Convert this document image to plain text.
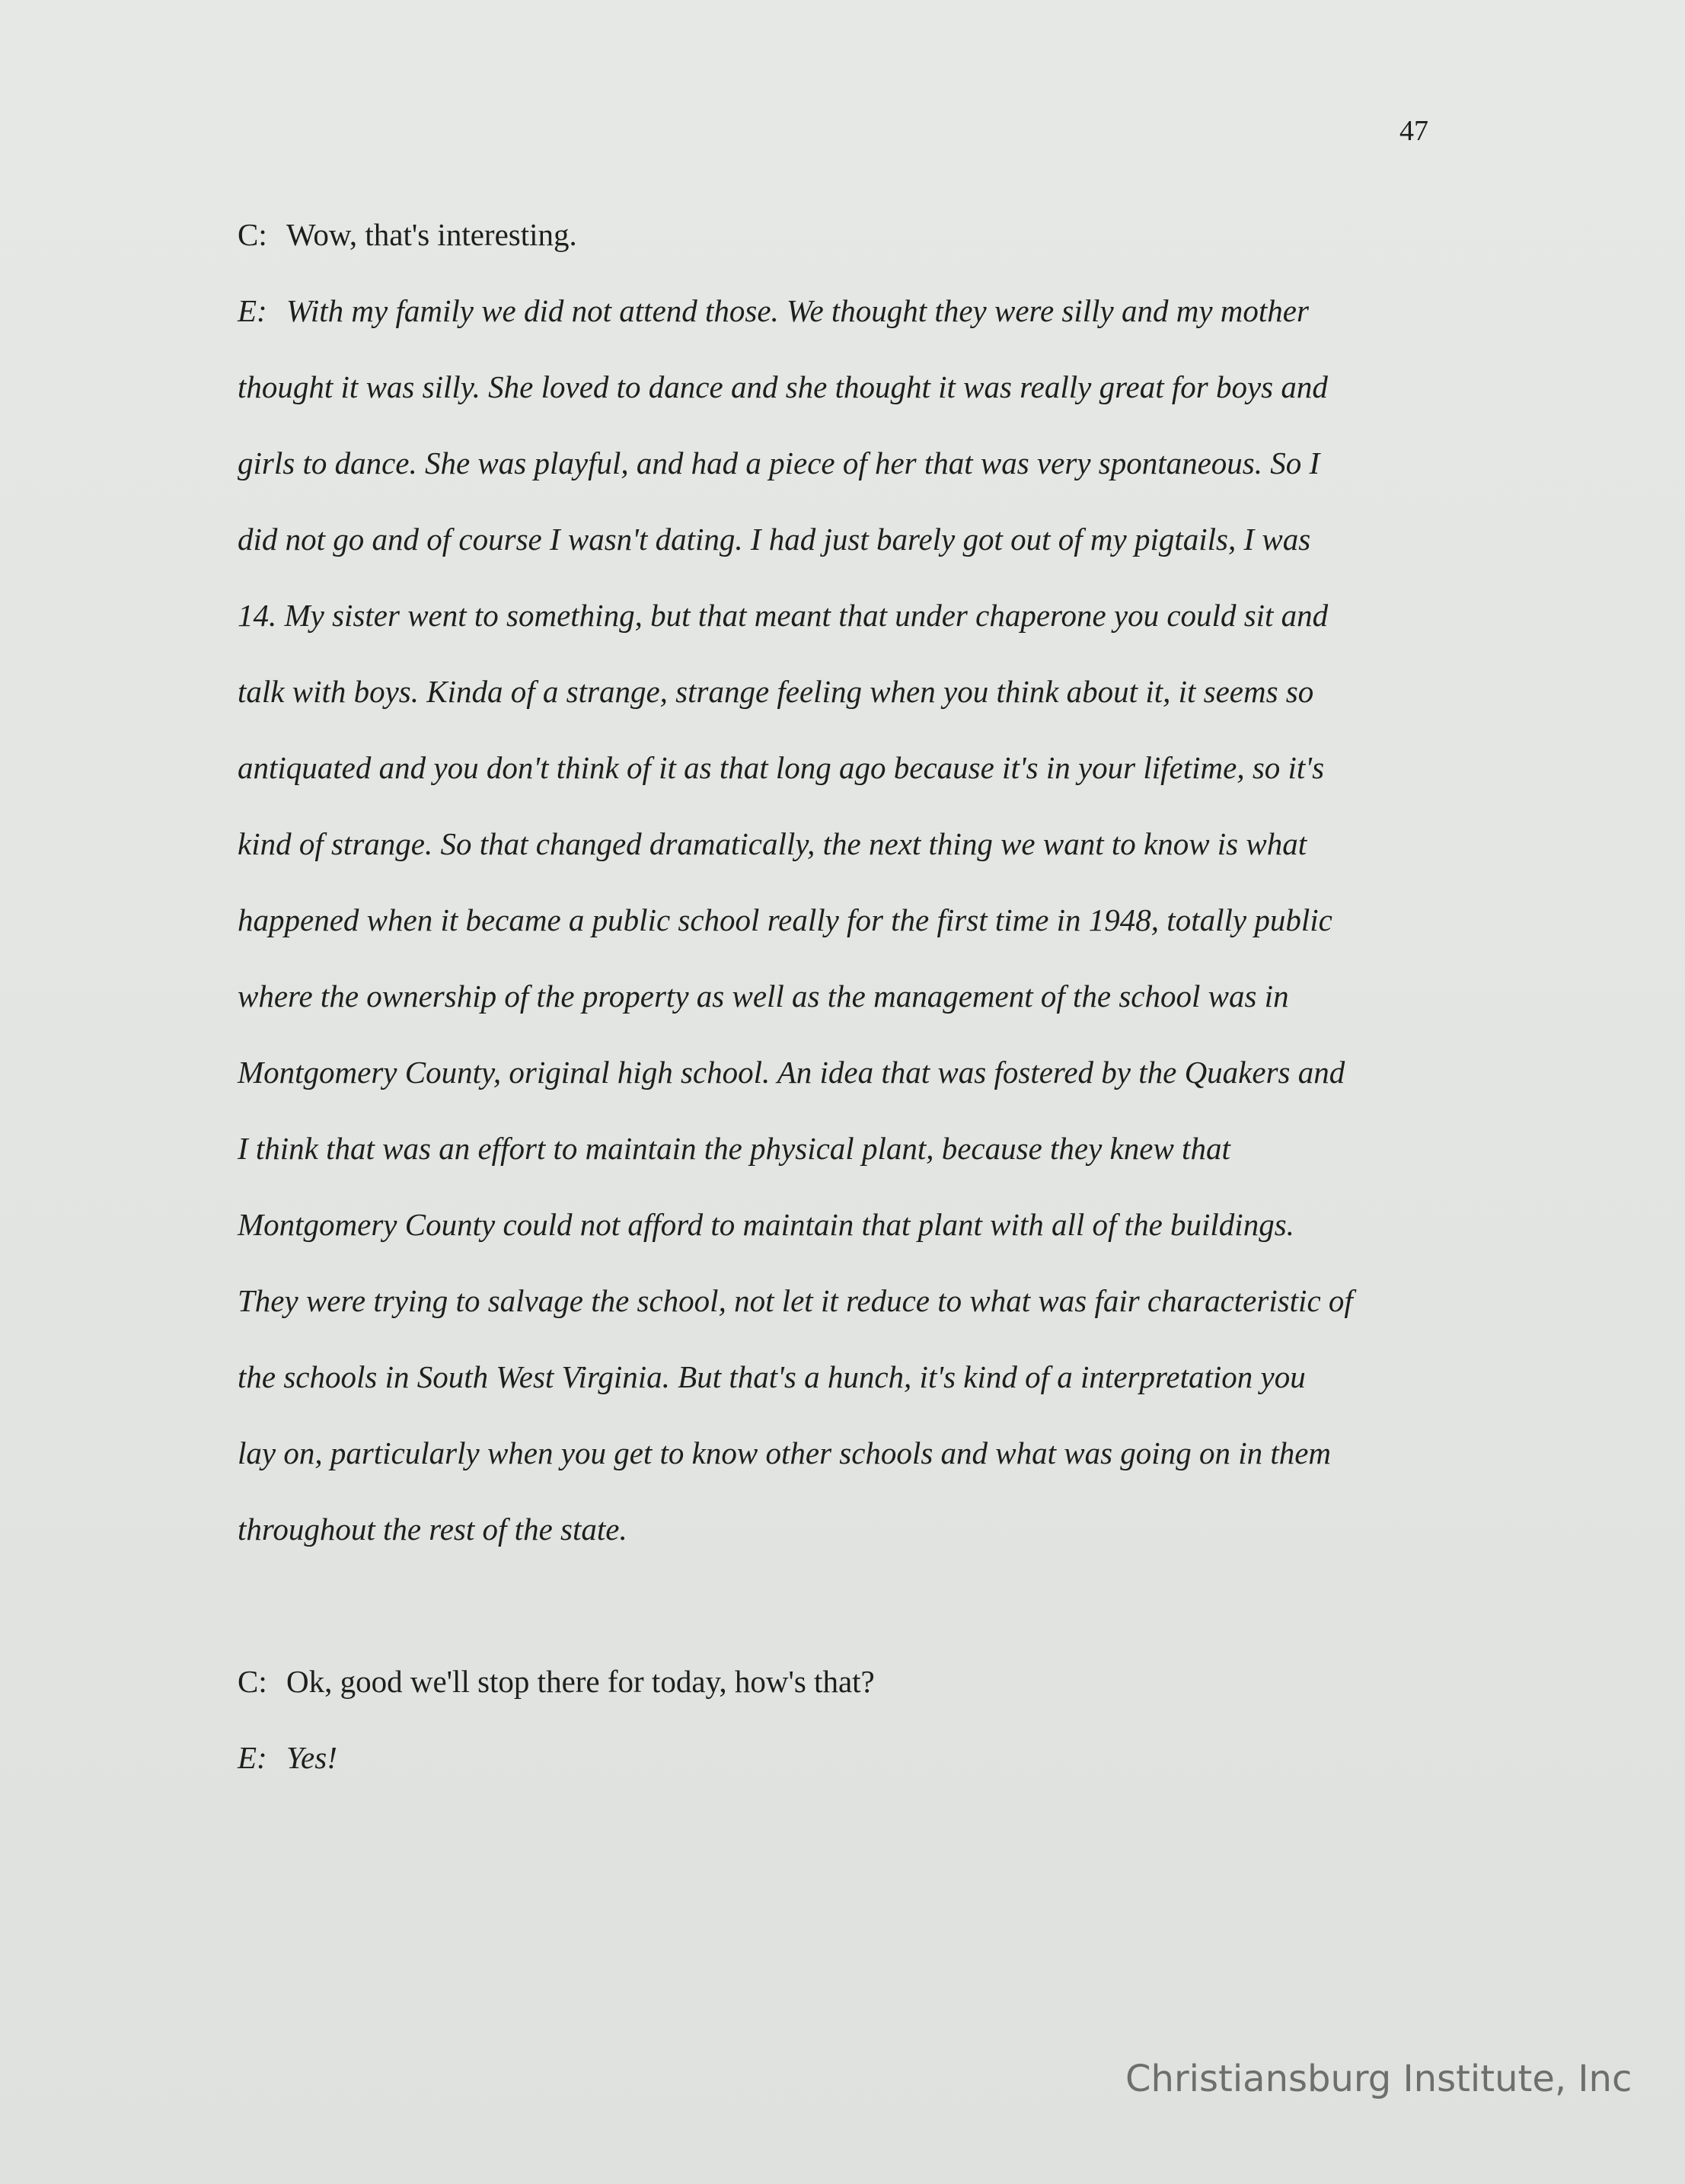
47
C: Wow, that's interesting.
E: With my family we did not attend those. We thought they were silly and my mother
thought it was silly. She loved to dance and she thought it was really great for boys and
girls to dance. She was playful, and had a piece of her that was very spontaneous. So I
did not go and of course I wasn't dating. I had just barely got out of my pigtails, I was
14. My sister went to something, but that meant that under chaperone you could sit and
talk with boys. Kinda of a strange, strange feeling when you think about it, it seems so
antiquated and you don't think of it as that long ago because it's in your lifetime, so it's
kind of strange. So that changed dramatically, the next thing we want to know is what
happened when it became a public school really for the first time in 1948, totally public
where the ownership of the property as well as the management of the school was in
Montgomery County, original high school. An idea that was fostered by the Quakers and
I think that was an effort to maintain the physical plant, because they knew that
Montgomery County could not afford to maintain that plant with all of the buildings.
They were trying to salvage the school, not let it reduce to what was fair characteristic of
the schools in South West Virginia. But that's a hunch, it's kind of a interpretation you
lay on, particularly when you get to know other schools and what was going on in them
throughout the rest of the state.
C: Ok, good we'll stop there for today, how's that?
E: Yes!
Christiansburg Institute, Inc
